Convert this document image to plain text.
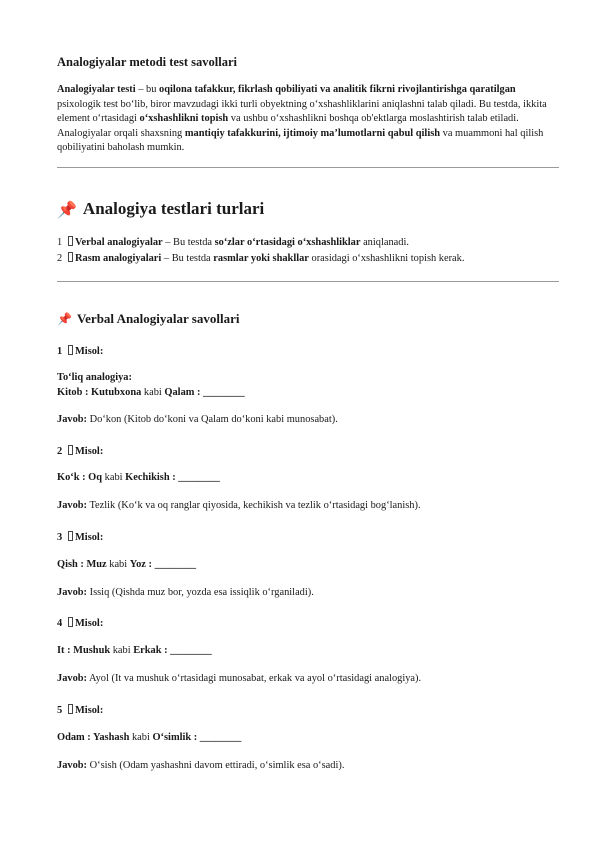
Analogiyalar metodi test savollari
Analogiyalar testi – bu oqilona tafakkur, fikrlash qobiliyati va analitik fikrni rivojlantirishga qaratilgan psixologik test bo‘lib, biror mavzudagi ikki turli obyektning o‘xshashliklarini aniqlashni talab qiladi. Bu testda, ikkita element o‘rtasidagi o‘xshashlikni topish va ushbu o‘xshashlikni boshqa ob'ektlarga moslashtirish talab etiladi. Analogiyalar orqali shaxsning mantiqiy tafakkurini, ijtimoiy ma’lumotlarni qabul qilish va muammoni hal qilish qobiliyatini baholash mumkin.
📌 Analogiya testlari turlari
1 Verbal analogiyalar – Bu testda so‘zlar o‘rtasidagi o‘xshashliklar aniqlanadi.
2 Rasm analogiyalari – Bu testda rasmlar yoki shakllar orasidagi o‘xshashlikni topish kerak.
📌 Verbal Analogiyalar savollari
1 Misol:
To‘liq analogiya:
Kitob : Kutubxona kabi Qalam : ________
Javob: Do‘kon (Kitob do‘koni va Qalam do‘koni kabi munosabat).
2 Misol:
Ko‘k : Oq kabi Kechikish : ________
Javob: Tezlik (Ko‘k va oq ranglar qiyosida, kechikish va tezlik o‘rtasidagi bog‘lanish).
3 Misol:
Qish : Muz kabi Yoz : ________
Javob: Issiq (Qishda muz bor, yozda esa issiqlik o‘rganiladi).
4 Misol:
It : Mushuk kabi Erkak : ________
Javob: Ayol (It va mushuk o‘rtasidagi munosabat, erkak va ayol o‘rtasidagi analogiya).
5 Misol:
Odam : Yashash kabi O‘simlik : ________
Javob: O‘sish (Odam yashashni davom ettiradi, o‘simlik esa o‘sadi).
